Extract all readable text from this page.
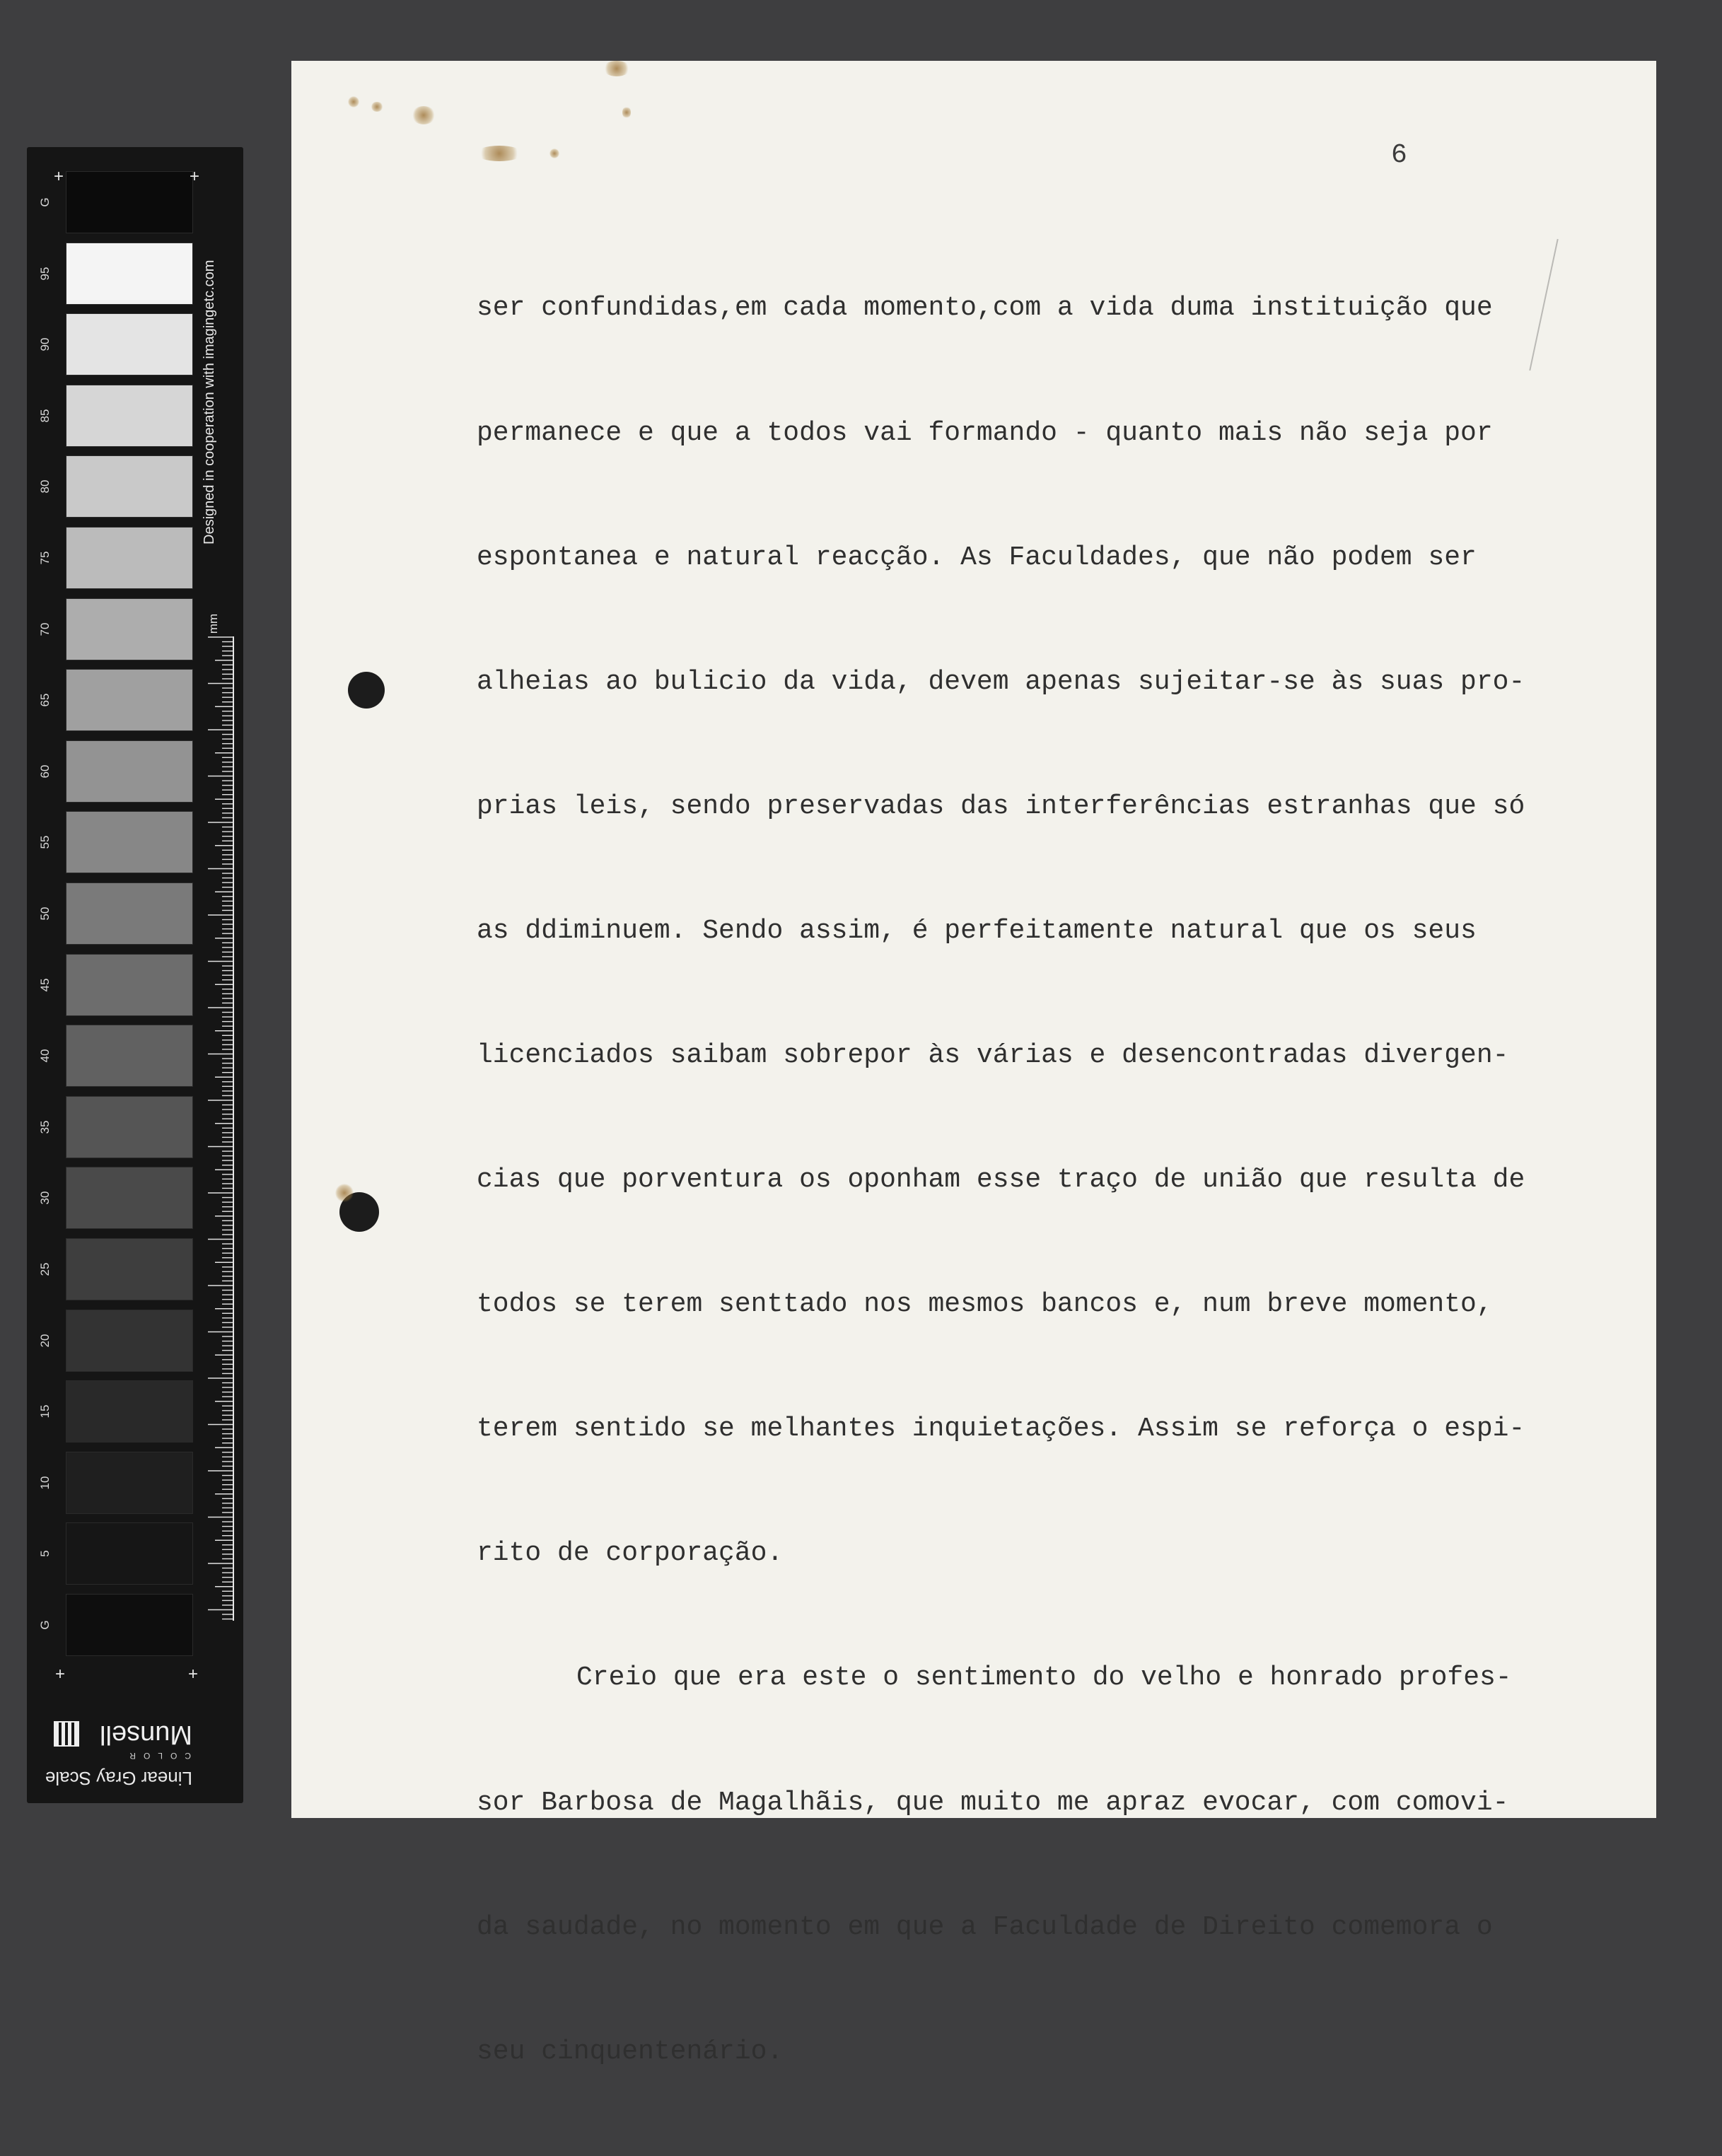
G
95
90
85
80
75
70
65
60
55
50
45
40
35
30
25
20
15
10
5
G
+	+
+	+
Designed in cooperation with imagingetc.com
mm
Linear Gray Scale
COLOR
Munsell
6

ser confundidas,em cada momento,com a vida duma instituição que

permanece e que a todos vai formando - quanto mais não seja por

espontanea e natural reacção. As Faculdades, que não podem ser

alheias ao bulicio da vida, devem apenas sujeitar-se às suas pro-

prias leis, sendo preservadas das interferências estranhas que só

as ddiminuem. Sendo assim, é perfeitamente natural que os seus

licenciados saibam sobrepor às várias e desencontradas divergen-

cias que porventura os oponham esse traço de união que resulta de

todos se terem senttado nos mesmos bancos e, num breve momento,

terem sentido se melhantes inquietações. Assim se reforça o espi-

rito de corporação.

Creio que era este o sentimento do velho e honrado profes-

sor Barbosa de Magalhãis, que muito me apraz evocar, com comovi-

da saudade, no momento em que a Faculdade de Direito comemora o

seu cinquentenário.
